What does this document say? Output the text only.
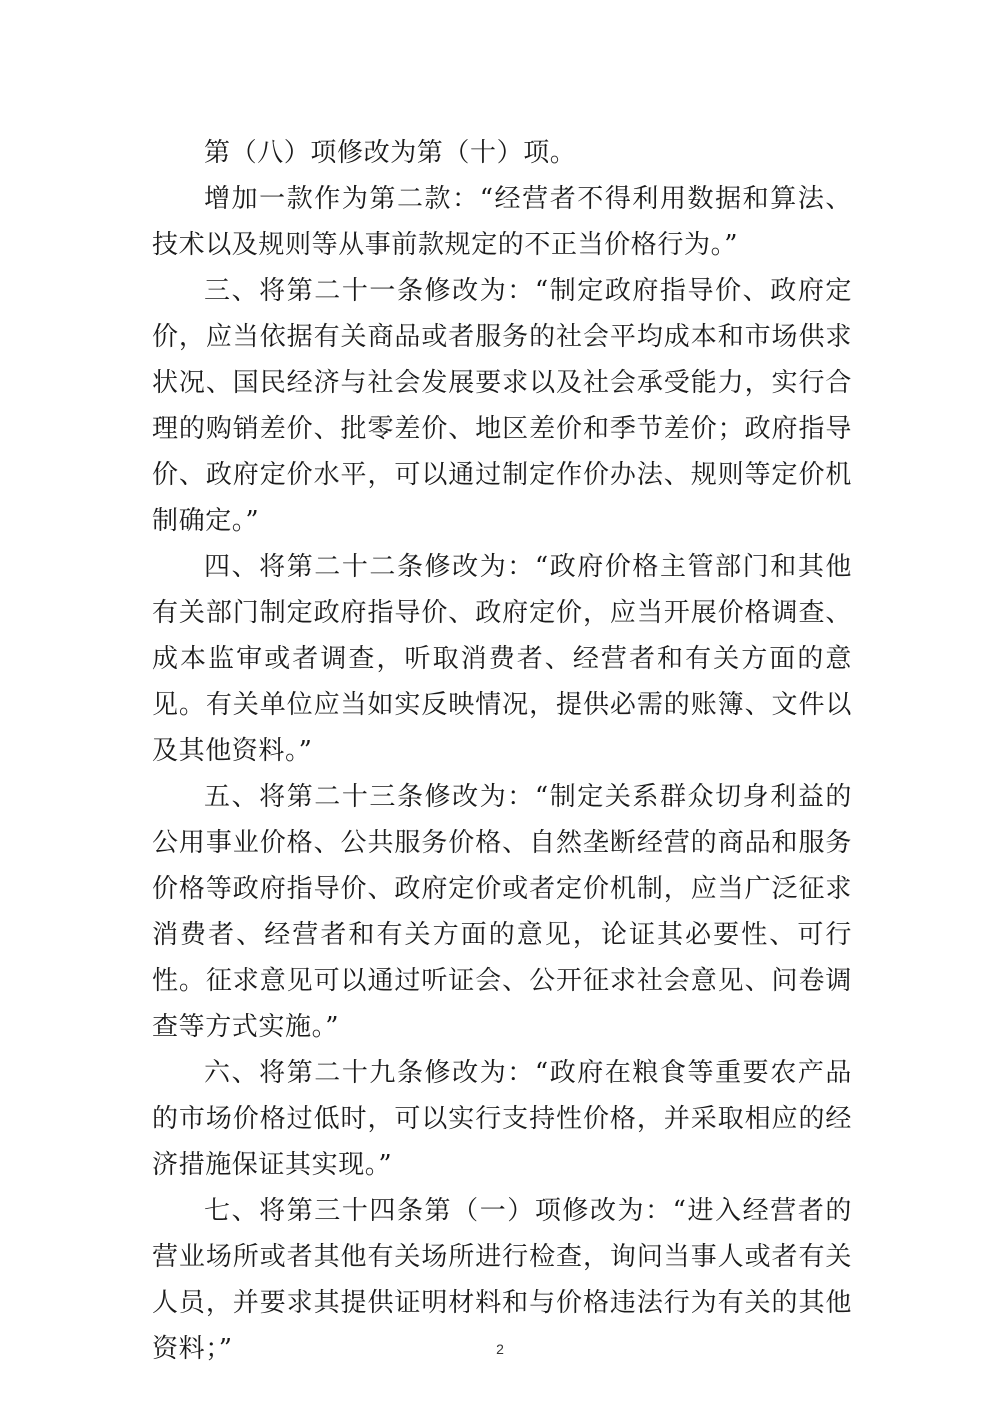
第（八）项修改为第（十）项。

增加一款作为第二款：“经营者不得利用数据和算法、技术以及规则等从事前款规定的不正当价格行为。”

三、将第二十一条修改为：“制定政府指导价、政府定价，应当依据有关商品或者服务的社会平均成本和市场供求状况、国民经济与社会发展要求以及社会承受能力，实行合理的购销差价、批零差价、地区差价和季节差价；政府指导价、政府定价水平，可以通过制定作价办法、规则等定价机制确定。”

四、将第二十二条修改为：“政府价格主管部门和其他有关部门制定政府指导价、政府定价，应当开展价格调查、成本监审或者调查，听取消费者、经营者和有关方面的意见。有关单位应当如实反映情况，提供必需的账簿、文件以及其他资料。”

五、将第二十三条修改为：“制定关系群众切身利益的公用事业价格、公共服务价格、自然垄断经营的商品和服务价格等政府指导价、政府定价或者定价机制，应当广泛征求消费者、经营者和有关方面的意见，论证其必要性、可行性。征求意见可以通过听证会、公开征求社会意见、问卷调查等方式实施。”

六、将第二十九条修改为：“政府在粮食等重要农产品的市场价格过低时，可以实行支持性价格，并采取相应的经济措施保证其实现。”

七、将第三十四条第（一）项修改为：“进入经营者的营业场所或者其他有关场所进行检查，询问当事人或者有关人员，并要求其提供证明材料和与价格违法行为有关的其他资料；”	2
